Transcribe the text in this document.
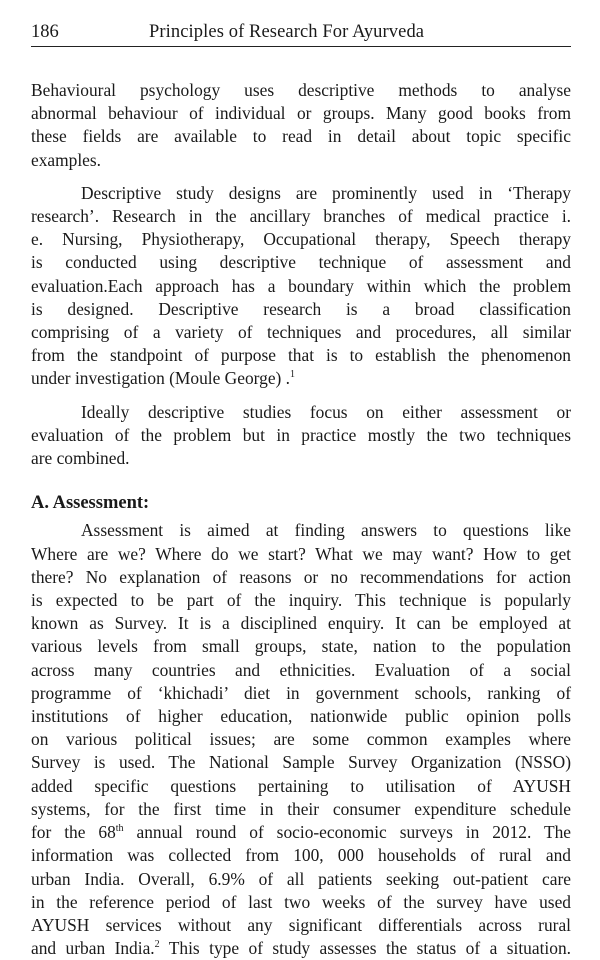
186	Principles of Research For Ayurveda

Behavioural psychology uses descriptive methods to analyse
abnormal behaviour of individual or groups. Many good books from
these fields are available to read in detail about topic specific
examples.

Descriptive study designs are prominently used in ‘Therapy
research’. Research in the ancillary branches of medical practice i.
e. Nursing, Physiotherapy, Occupational therapy, Speech therapy
is conducted using descriptive technique of assessment and
evaluation.Each approach has a boundary within which the problem
is designed. Descriptive research is a broad classification
comprising of a variety of techniques and procedures, all similar
from the standpoint of purpose that is to establish the phenomenon
under investigation (Moule George) .$^1$

Ideally descriptive studies focus on either assessment or
evaluation of the problem but in practice mostly the two techniques
are combined.

A. Assessment:

Assessment is aimed at finding answers to questions like
Where are we? Where do we start? What we may want? How to get
there? No explanation of reasons or no recommendations for action
is expected to be part of the inquiry. This technique is popularly
known as Survey. It is a disciplined enquiry. It can be employed at
various levels from small groups, state, nation to the population
across many countries and ethnicities. Evaluation of a social
programme of ‘khichadi’ diet in government schools, ranking of
institutions of higher education, nationwide public opinion polls
on various political issues; are some common examples where
Survey is used. The National Sample Survey Organization (NSSO)
added specific questions pertaining to utilisation of AYUSH
systems, for the first time in their consumer expenditure schedule
for the 68th annual round of socio-economic surveys in 2012. The
information was collected from 100, 000 households of rural and
urban India. Overall, 6.9% of all patients seeking out-patient care
in the reference period of last two weeks of the survey have used
AYUSH services without any significant differentials across rural
and urban India.$^2$ This type of study assesses the status of a situation.
